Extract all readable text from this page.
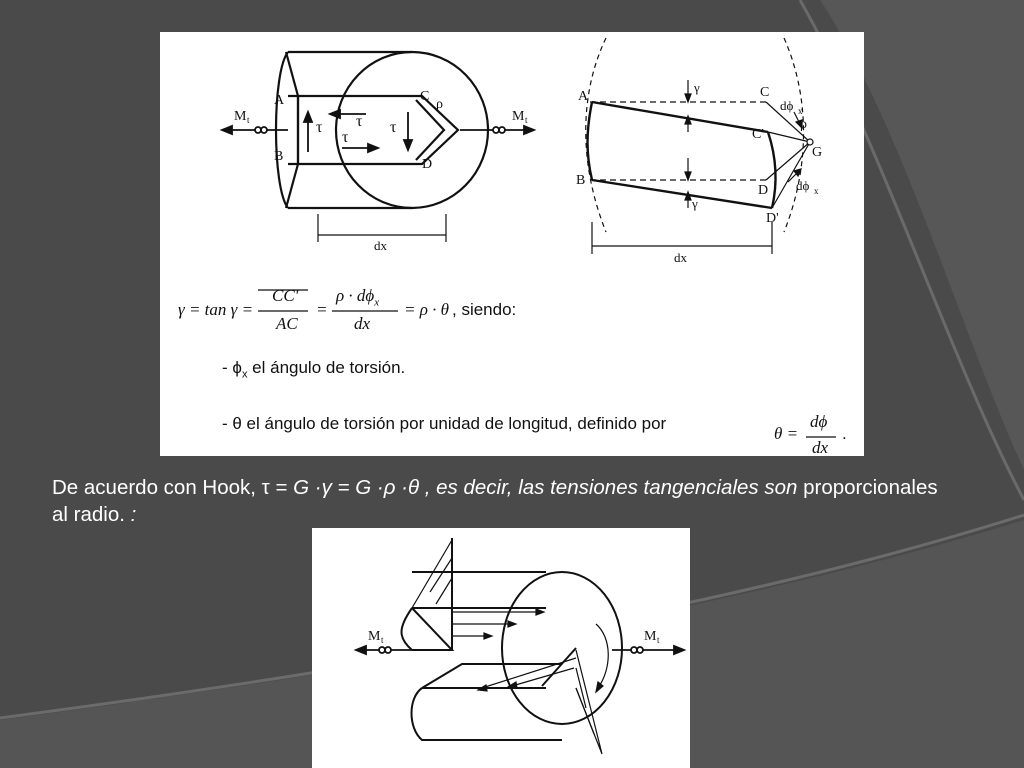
A
B
C
D
ρ
τ τ
τ
τ
M t	M t
dx
A
B
C
C'
D
D'
G
ρ
dϕ x
dϕ x
γ
γ
dx
γ = tan γ =
CC'
AC
=
$\rho \cdot d\phi_x$
dx
= ρ · θ , siendo:
- $\phi_x$ el ángulo de torsión.
- θ el ángulo de torsión por unidad de longitud, definido por
θ =
dϕ
dx
.
De acuerdo con Hook, τ = G ·γ = G ·ρ ·θ , es decir, las tensiones tangenciales son proporcionales al radio. :
M t	M t
